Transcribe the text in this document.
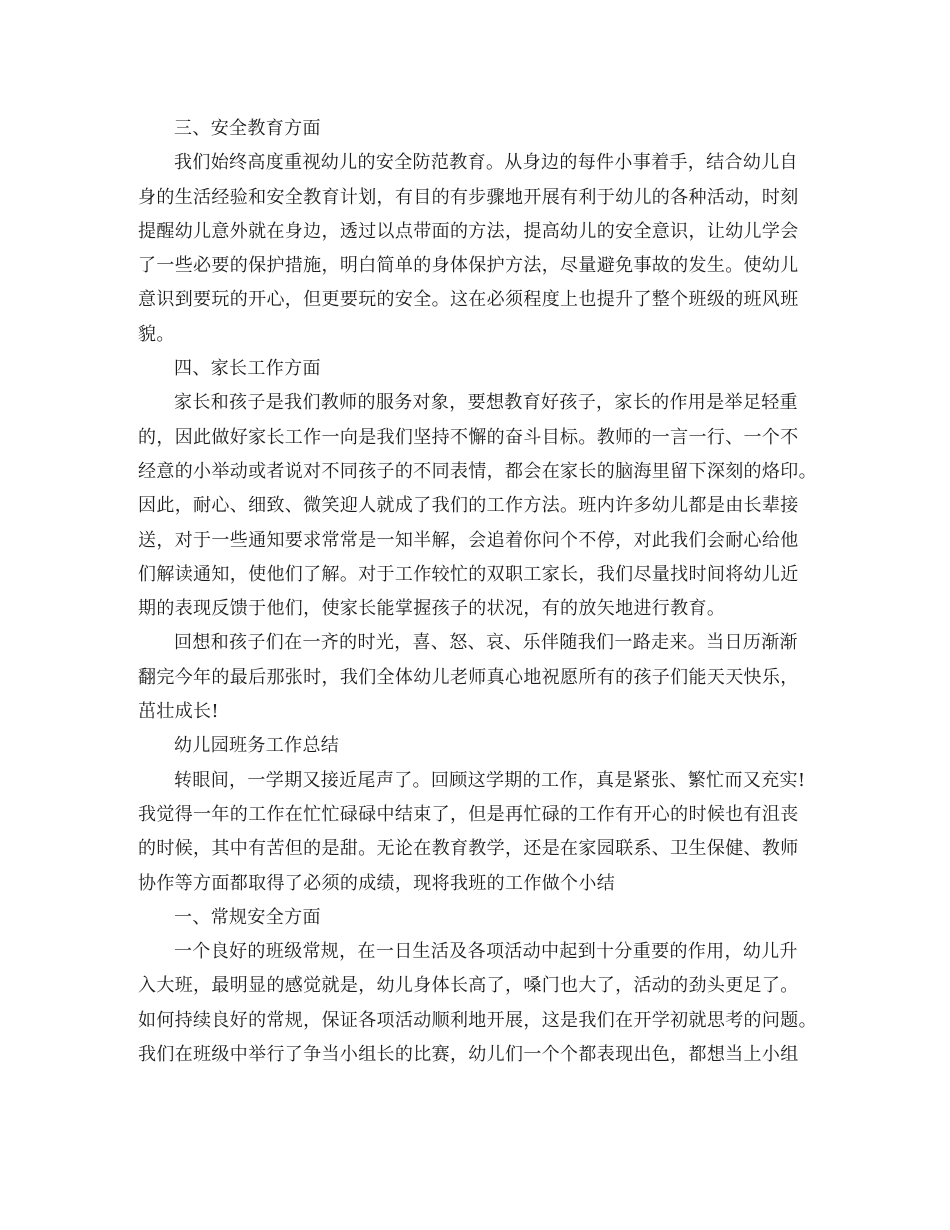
三、安全教育方面
我们始终高度重视幼儿的安全防范教育。从身边的每件小事着手，结合幼儿自
身的生活经验和安全教育计划，有目的有步骤地开展有利于幼儿的各种活动，时刻
提醒幼儿意外就在身边，透过以点带面的方法，提高幼儿的安全意识，让幼儿学会
了一些必要的保护措施，明白简单的身体保护方法，尽量避免事故的发生。使幼儿
意识到要玩的开心，但更要玩的安全。这在必须程度上也提升了整个班级的班风班
貌。
四、家长工作方面
家长和孩子是我们教师的服务对象，要想教育好孩子，家长的作用是举足轻重
的，因此做好家长工作一向是我们坚持不懈的奋斗目标。教师的一言一行、一个不
经意的小举动或者说对不同孩子的不同表情，都会在家长的脑海里留下深刻的烙印。
因此，耐心、细致、微笑迎人就成了我们的工作方法。班内许多幼儿都是由长辈接
送，对于一些通知要求常常是一知半解，会追着你问个不停，对此我们会耐心给他
们解读通知，使他们了解。对于工作较忙的双职工家长，我们尽量找时间将幼儿近
期的表现反馈于他们，使家长能掌握孩子的状况，有的放矢地进行教育。
回想和孩子们在一齐的时光，喜、怒、哀、乐伴随我们一路走来。当日历渐渐
翻完今年的最后那张时，我们全体幼儿老师真心地祝愿所有的孩子们能天天快乐，
茁壮成长!
幼儿园班务工作总结
转眼间，一学期又接近尾声了。回顾这学期的工作，真是紧张、繁忙而又充实!
我觉得一年的工作在忙忙碌碌中结束了，但是再忙碌的工作有开心的时候也有沮丧
的时候，其中有苦但的是甜。无论在教育教学，还是在家园联系、卫生保健、教师
协作等方面都取得了必须的成绩，现将我班的工作做个小结
一、常规安全方面
一个良好的班级常规，在一日生活及各项活动中起到十分重要的作用，幼儿升
入大班，最明显的感觉就是，幼儿身体长高了，嗓门也大了，活动的劲头更足了。
如何持续良好的常规，保证各项活动顺利地开展，这是我们在开学初就思考的问题。
我们在班级中举行了争当小组长的比赛，幼儿们一个个都表现出色，都想当上小组
